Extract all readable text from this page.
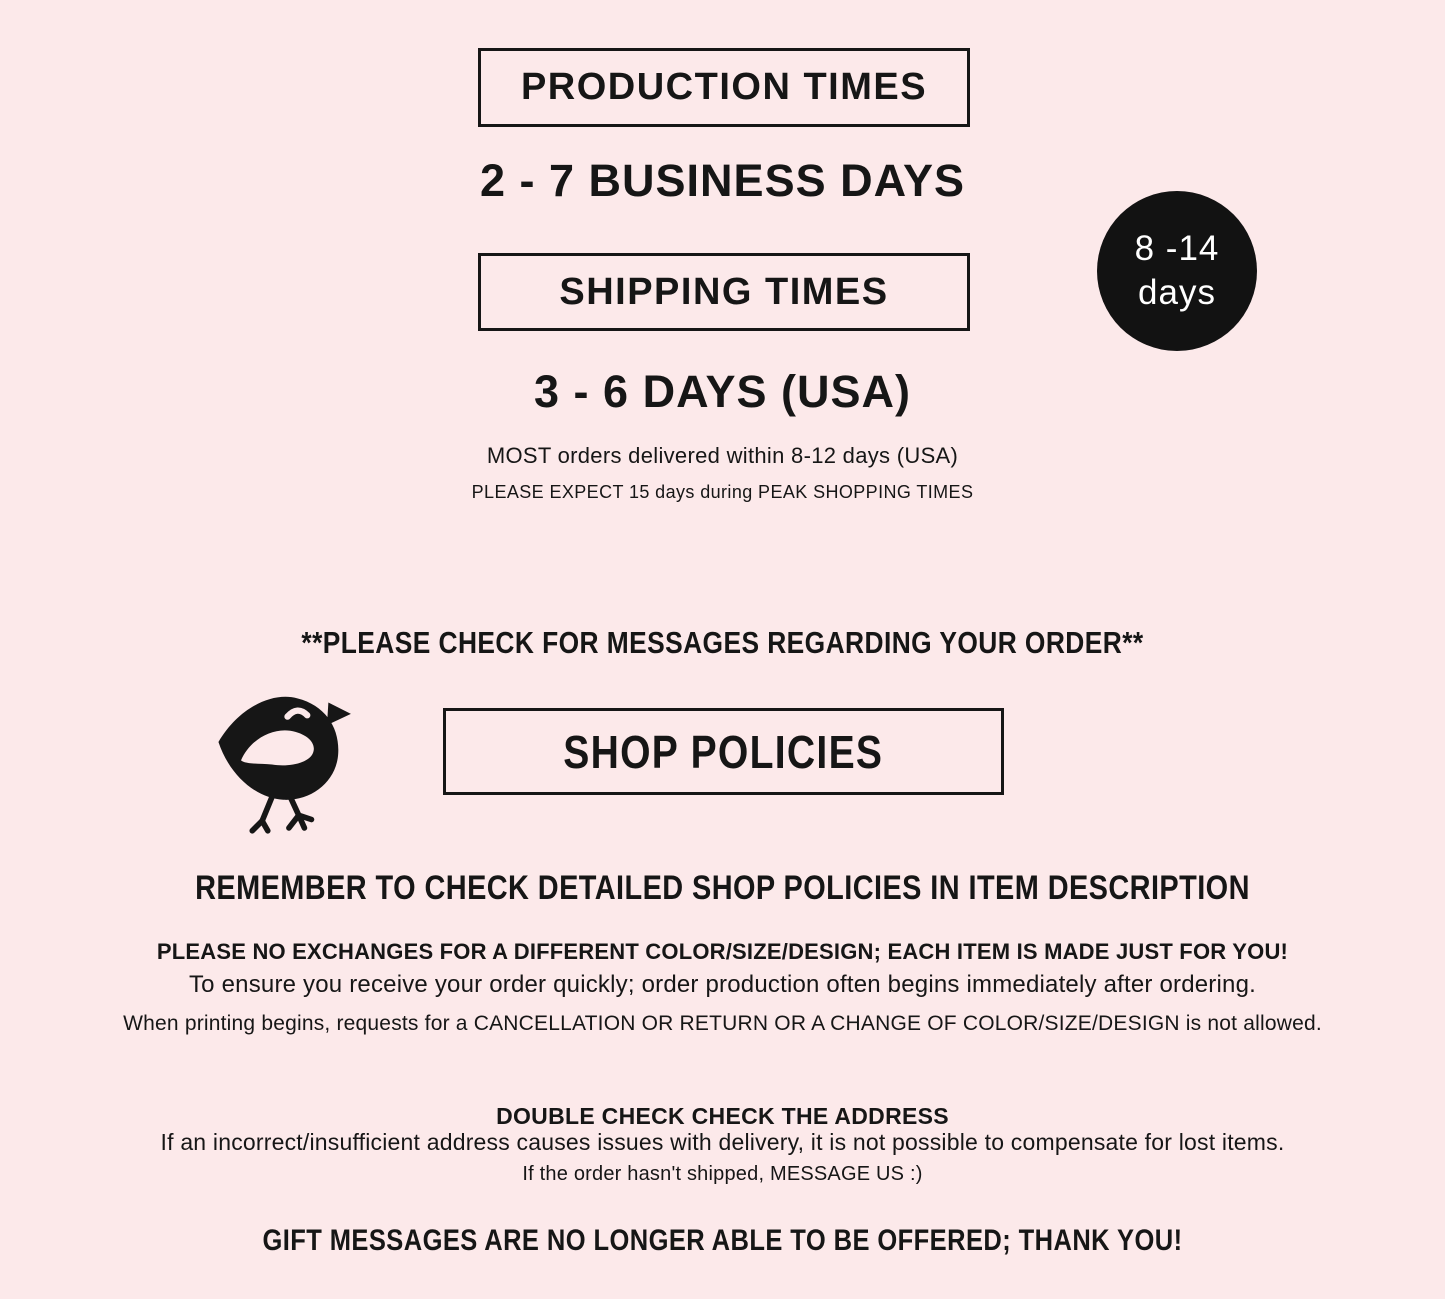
PRODUCTION TIMES
2 - 7 BUSINESS DAYS
SHIPPING TIMES
8 -14
days
3 - 6 DAYS (USA)
MOST orders delivered within 8-12 days (USA)
PLEASE EXPECT 15 days during PEAK SHOPPING TIMES
**PLEASE CHECK FOR MESSAGES REGARDING YOUR ORDER**
SHOP POLICIES
REMEMBER TO CHECK DETAILED SHOP POLICIES IN ITEM DESCRIPTION
PLEASE NO EXCHANGES FOR A DIFFERENT COLOR/SIZE/DESIGN; EACH ITEM IS MADE JUST FOR YOU!
To ensure you receive your order quickly; order production often begins immediately after ordering.
When printing begins, requests for a CANCELLATION OR RETURN OR A CHANGE OF COLOR/SIZE/DESIGN is not allowed.
DOUBLE CHECK CHECK THE ADDRESS
If an incorrect/insufficient address causes issues with delivery, it is not possible to compensate for lost items.
If the order hasn't shipped, MESSAGE US :)
GIFT MESSAGES ARE NO LONGER ABLE TO BE OFFERED; THANK YOU!
